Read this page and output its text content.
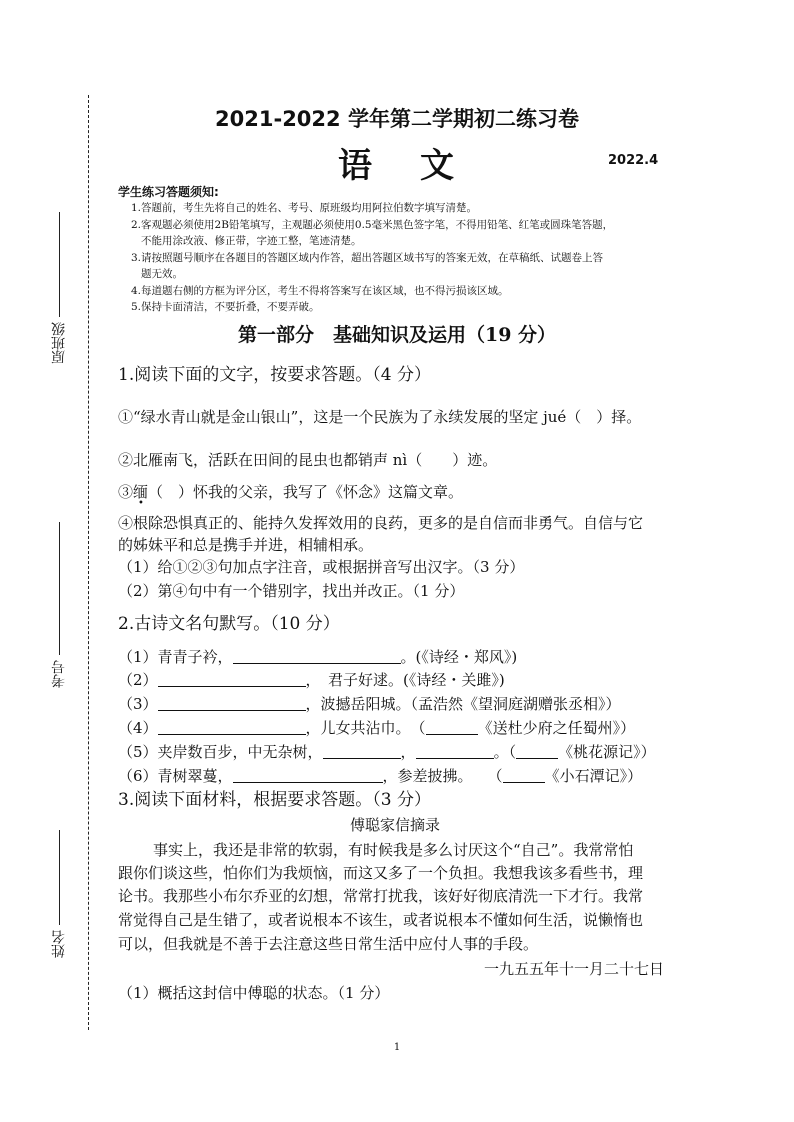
原班级
考号
姓名
2021-2022 学年第二学期初二练习卷
语文	2022.4
学生练习答题须知:
1.答题前，考生先将自己的姓名、考号、原班级均用阿拉伯数字填写清楚。
2.客观题必须使用2B铅笔填写，主观题必须使用0.5毫米黑色签字笔，不得用铅笔、红笔或圆珠笔答题，
不能用涂改液、修正带，字迹工整，笔迹清楚。
3.请按照题号顺序在各题目的答题区域内作答，超出答题区域书写的答案无效，在草稿纸、试题卷上答
题无效。
4.每道题右侧的方框为评分区，考生不得将答案写在该区域，也不得污损该区域。
5.保持卡面清洁，不要折叠，不要弄破。
第一部分　基础知识及运用（19 分）
1.阅读下面的文字，按要求答题。（4 分）
①“绿水青山就是金山银山”，这是一个民族为了永续发展的坚定 jué（　）择。
②北雁南飞，活跃在田间的昆虫也都销声 nì（　　）迹。
③缅（　）怀我的父亲，我写了《怀念》这篇文章。
④根除恐惧真正的、能持久发挥效用的良药，更多的是自信而非勇气。自信与它
的姊妹平和总是携手并进，相辅相承。
（1）给①②③句加点字注音，或根据拼音写出汉字。（3 分）
（2）第④句中有一个错别字，找出并改正。（1 分）
2.古诗文名句默写。（10 分）
（1）青青子衿，	。(《诗经・郑风》)
（2）	，　君子好逑。(《诗经・关雎》)
（3）	，波撼岳阳城。（孟浩然《望洞庭湖赠张丞相》）
（4）	，儿女共沾巾。　（	《送杜少府之任蜀州》）
（5）夹岸数百步，中无杂树，	，	。（	《桃花源记》）
（6）青树翠蔓，	，参差披拂。　　（	《小石潭记》）
3.阅读下面材料，根据要求答题。（3 分）
傅聪家信摘录
事实上，我还是非常的软弱，有时候我是多么讨厌这个“自己”。我常常怕
跟你们谈这些，怕你们为我烦恼，而这又多了一个负担。我想我该多看些书，理
论书。我那些小布尔乔亚的幻想，常常打扰我，该好好彻底清洗一下才行。我常
常觉得自己是生错了，或者说根本不该生，或者说根本不懂如何生活，说懒惰也
可以，但我就是不善于去注意这些日常生活中应付人事的手段。
一九五五年十一月二十七日
（1）概括这封信中傅聪的状态。（1 分）
1
